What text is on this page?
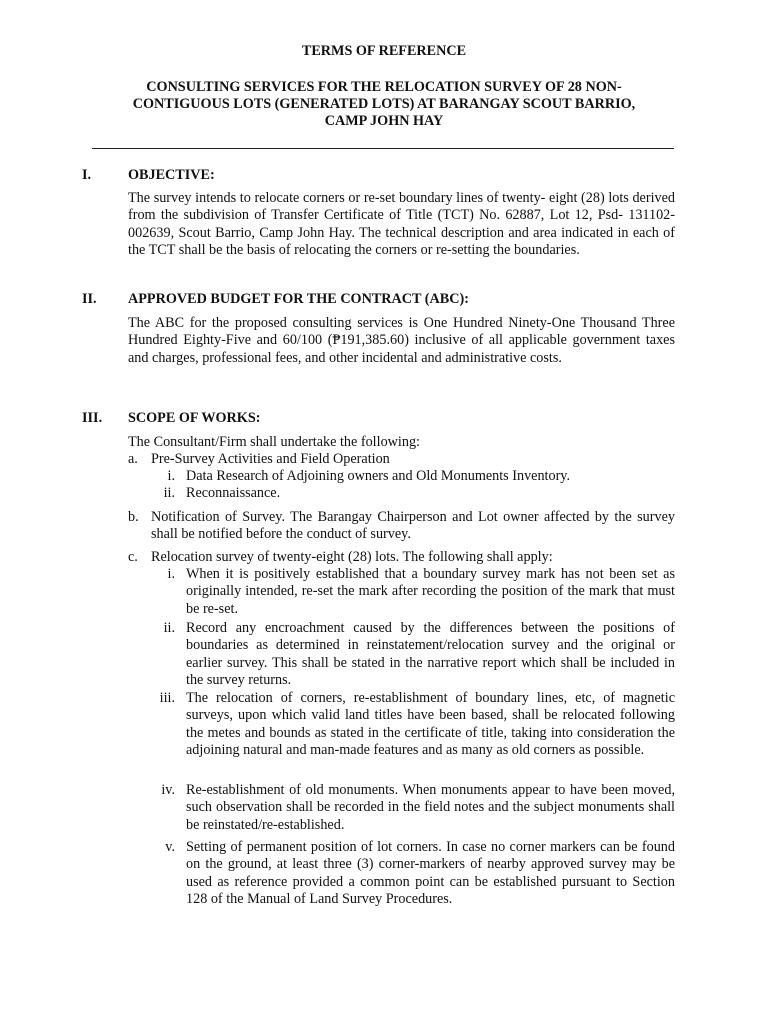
TERMS OF REFERENCE
CONSULTING SERVICES FOR THE RELOCATION SURVEY OF 28 NON-
CONTIGUOUS LOTS (GENERATED LOTS) AT BARANGAY SCOUT BARRIO,
CAMP JOHN HAY
I.	OBJECTIVE:
The survey intends to relocate corners or re-set boundary lines of twenty- eight (28) lots derived from the subdivision of Transfer Certificate of Title (TCT) No. 62887, Lot 12, Psd- 131102-002639, Scout Barrio, Camp John Hay. The technical description and area indicated in each of the TCT shall be the basis of relocating the corners or re-setting the boundaries.
II. APPROVED BUDGET FOR THE CONTRACT (ABC):
The ABC for the proposed consulting services is One Hundred Ninety-One Thousand Three Hundred Eighty-Five and 60/100 (₱191,385.60) inclusive of all applicable government taxes and charges, professional fees, and other incidental and administrative costs.
III. SCOPE OF WORKS:
The Consultant/Firm shall undertake the following:
a. Pre-Survey Activities and Field Operation
i. Data Research of Adjoining owners and Old Monuments Inventory.
ii. Reconnaissance.
b. Notification of Survey. The Barangay Chairperson and Lot owner affected by the survey shall be notified before the conduct of survey.
c. Relocation survey of twenty-eight (28) lots. The following shall apply:
i. When it is positively established that a boundary survey mark has not been set as originally intended, re-set the mark after recording the position of the mark that must be re-set.
ii. Record any encroachment caused by the differences between the positions of boundaries as determined in reinstatement/relocation survey and the original or earlier survey. This shall be stated in the narrative report which shall be included in the survey returns.
iii. The relocation of corners, re-establishment of boundary lines, etc, of magnetic surveys, upon which valid land titles have been based, shall be relocated following the metes and bounds as stated in the certificate of title, taking into consideration the adjoining natural and man-made features and as many as old corners as possible.
iv. Re-establishment of old monuments. When monuments appear to have been moved, such observation shall be recorded in the field notes and the subject monuments shall be reinstated/re-established.
v. Setting of permanent position of lot corners. In case no corner markers can be found on the ground, at least three (3) corner-markers of nearby approved survey may be used as reference provided a common point can be established pursuant to Section 128 of the Manual of Land Survey Procedures.
